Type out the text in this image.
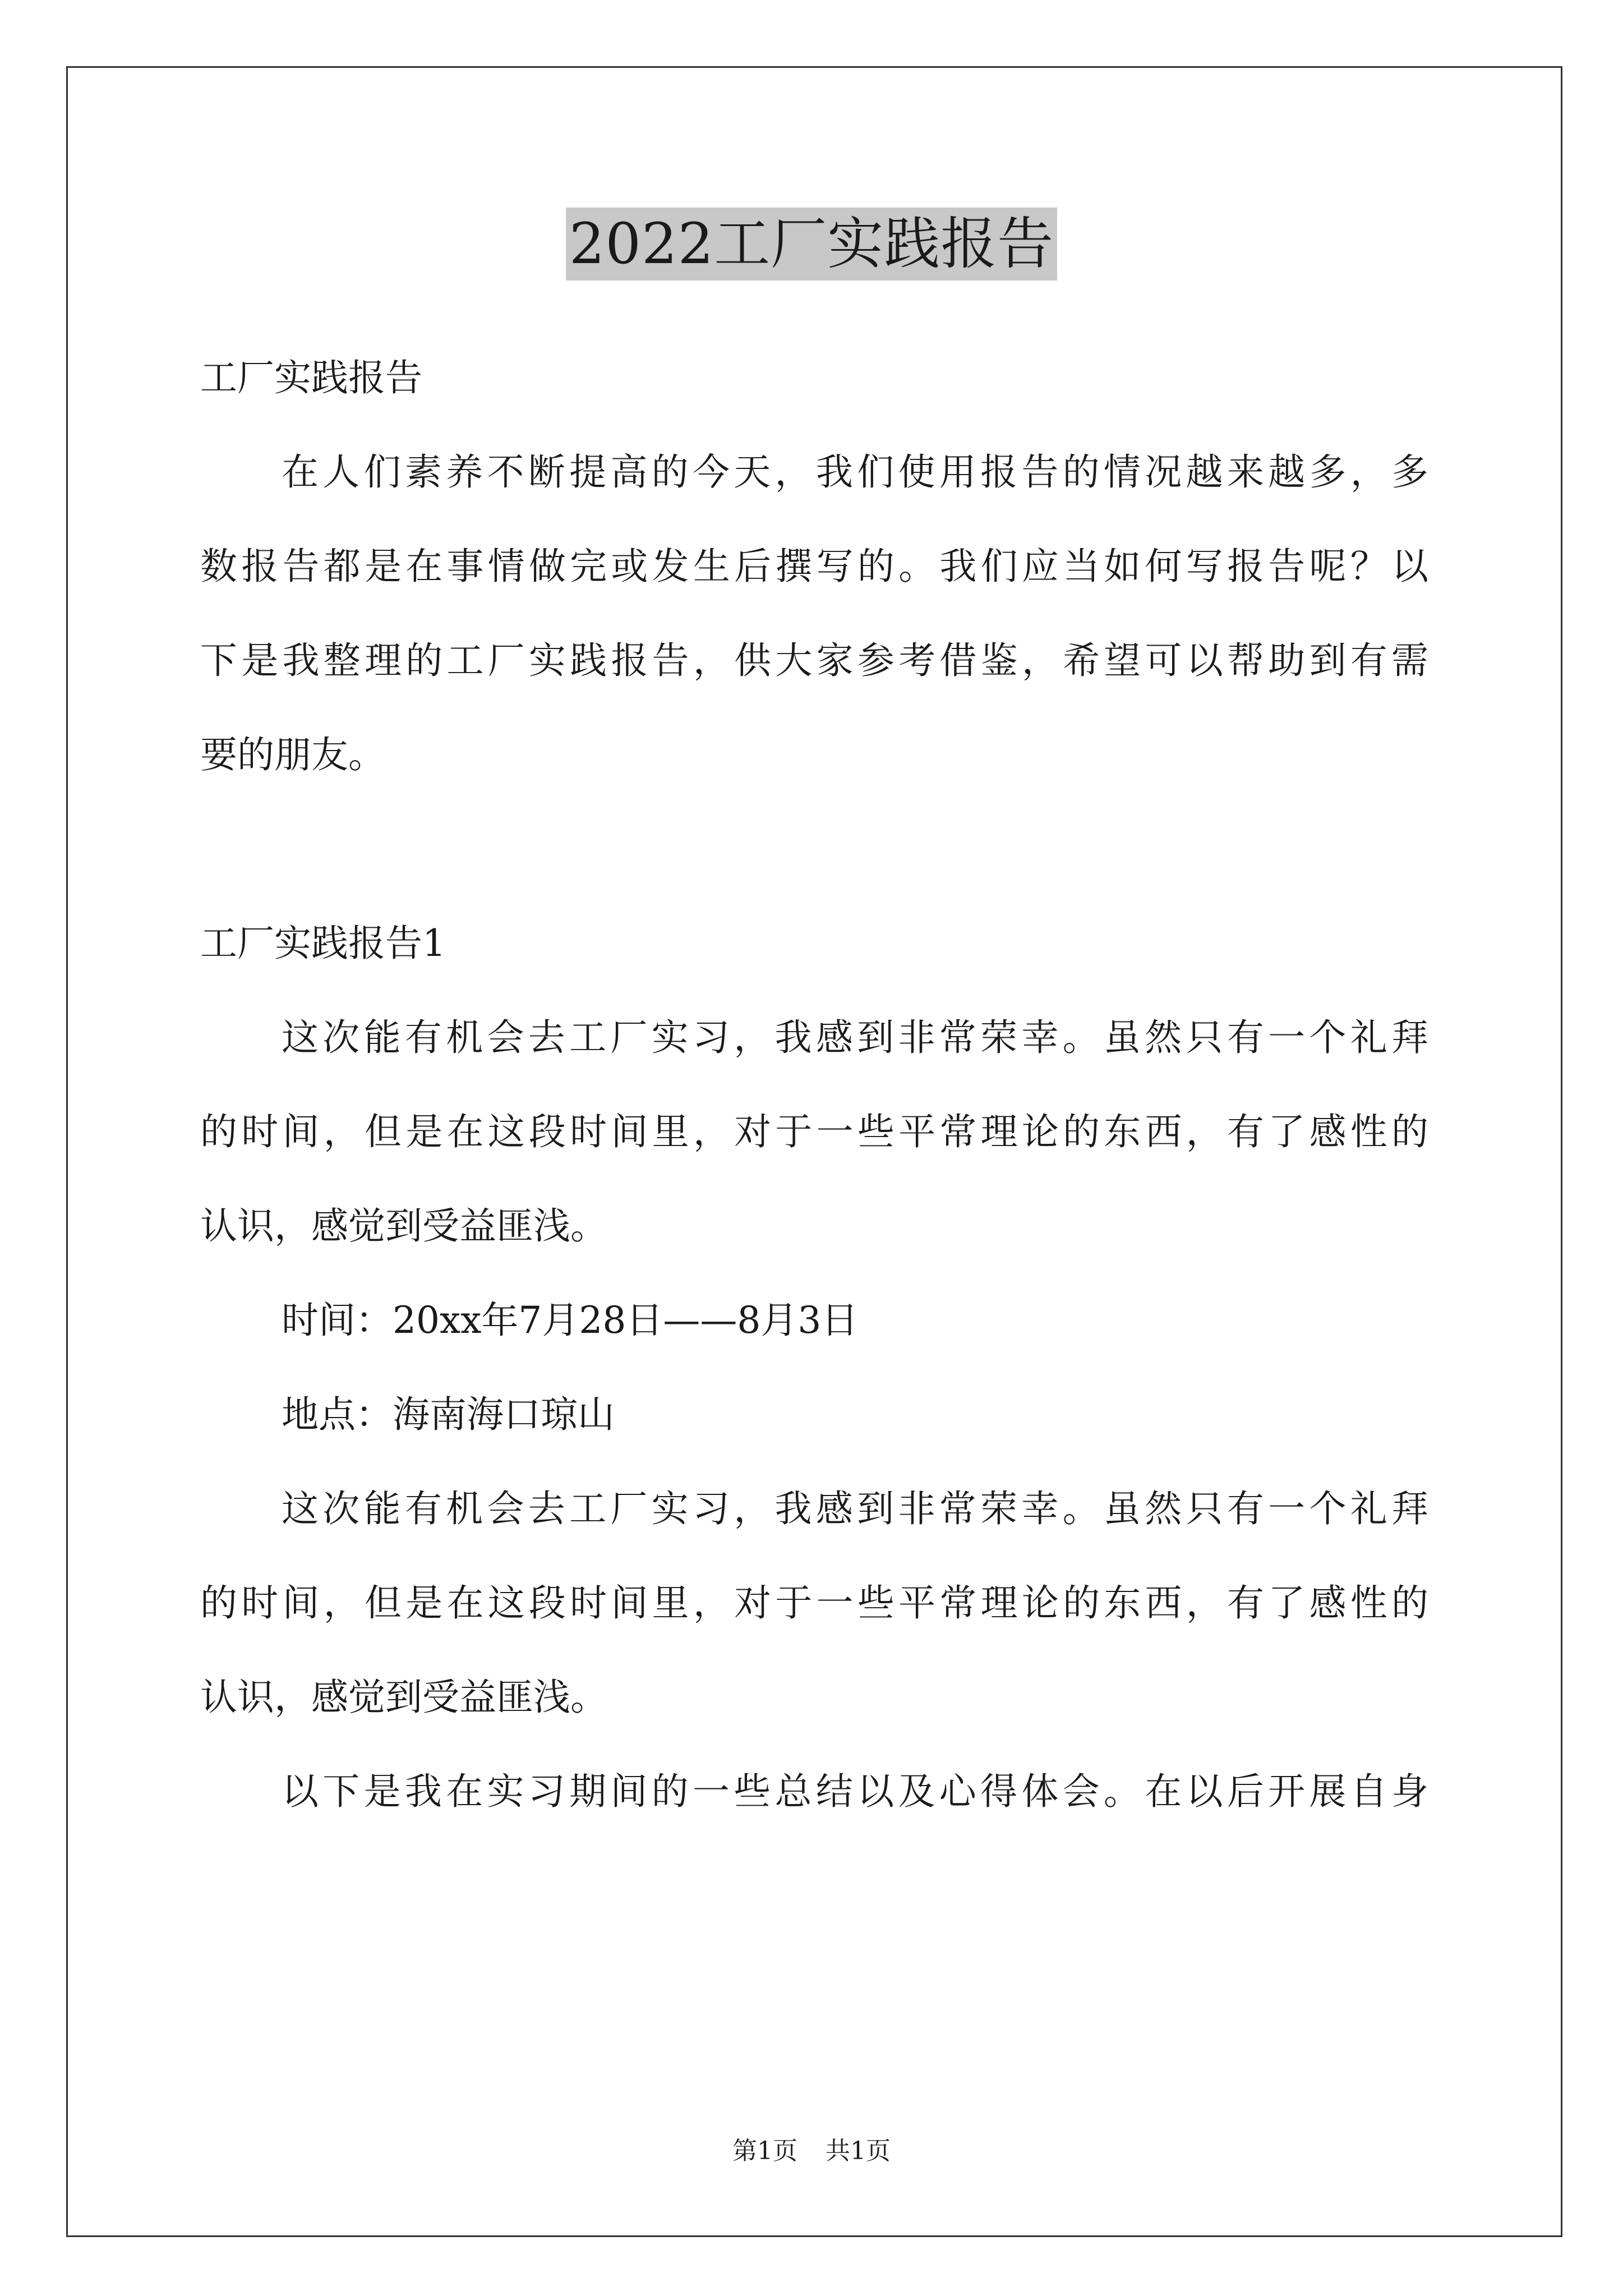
2022工厂实践报告
工厂实践报告
在人们素养不断提高的今天，我们使用报告的情况越来越多，多
数报告都是在事情做完或发生后撰写的。我们应当如何写报告呢？以
下是我整理的工厂实践报告，供大家参考借鉴，希望可以帮助到有需
要的朋友。
工厂实践报告1
这次能有机会去工厂实习，我感到非常荣幸。虽然只有一个礼拜
的时间，但是在这段时间里，对于一些平常理论的东西，有了感性的
认识，感觉到受益匪浅。
时间：20xx年7月28日——8月3日
地点：海南海口琼山
这次能有机会去工厂实习，我感到非常荣幸。虽然只有一个礼拜
的时间，但是在这段时间里，对于一些平常理论的东西，有了感性的
认识，感觉到受益匪浅。
以下是我在实习期间的一些总结以及心得体会。在以后开展自身
第1页 共1页
